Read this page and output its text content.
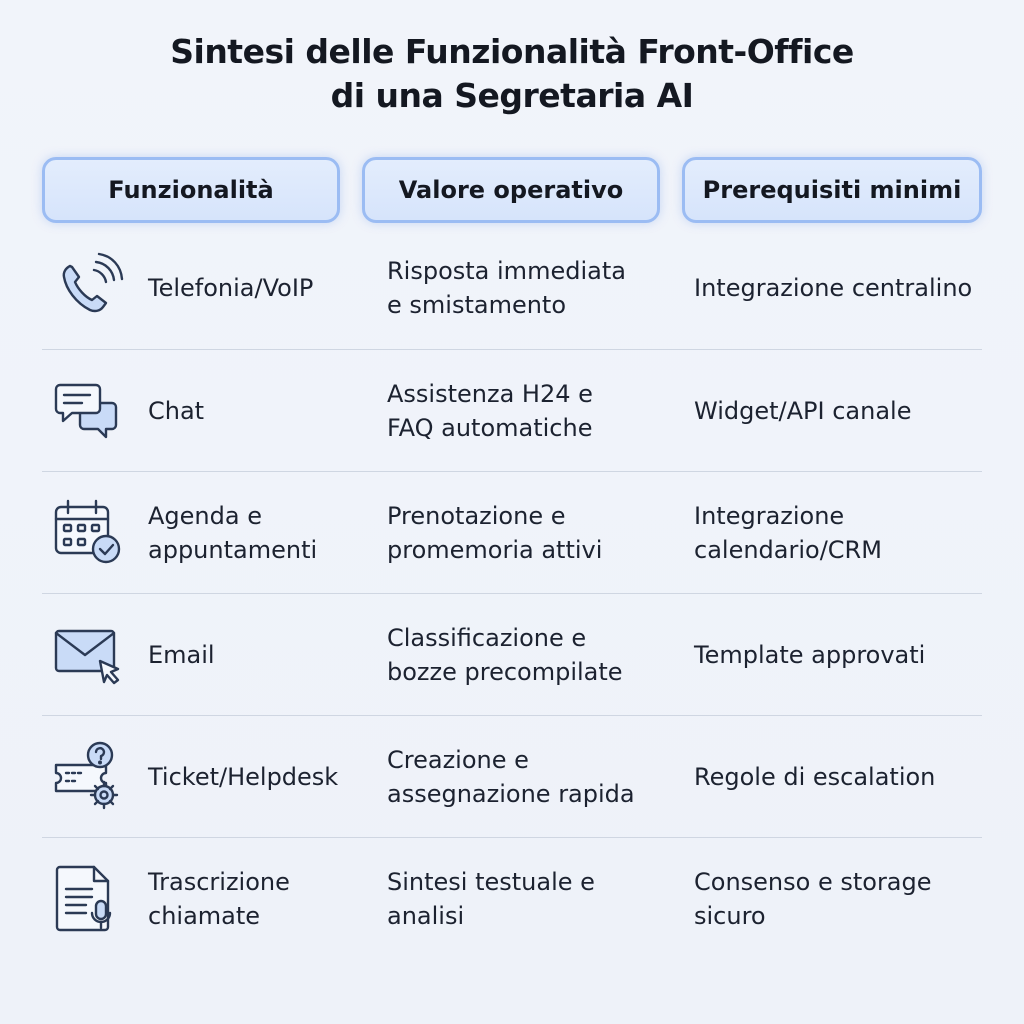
Sintesi delle Funzionalità Front-Office
di una Segretaria AI
Funzionalità	Valore operativo	Prerequisiti minimi
Telefonia/VoIP
Risposta immediata
e smistamento
Integrazione centralino
Chat
Assistenza H24 e
FAQ automatiche
Widget/API canale
Agenda e
appuntamenti
Prenotazione e
promemoria attivi
Integrazione
calendario/CRM
Email
Classificazione e
bozze precompilate
Template approvati
Ticket/Helpdesk
Creazione e
assegnazione rapida
Regole di escalation
Trascrizione
chiamate
Sintesi testuale e
analisi
Consenso e storage
sicuro
